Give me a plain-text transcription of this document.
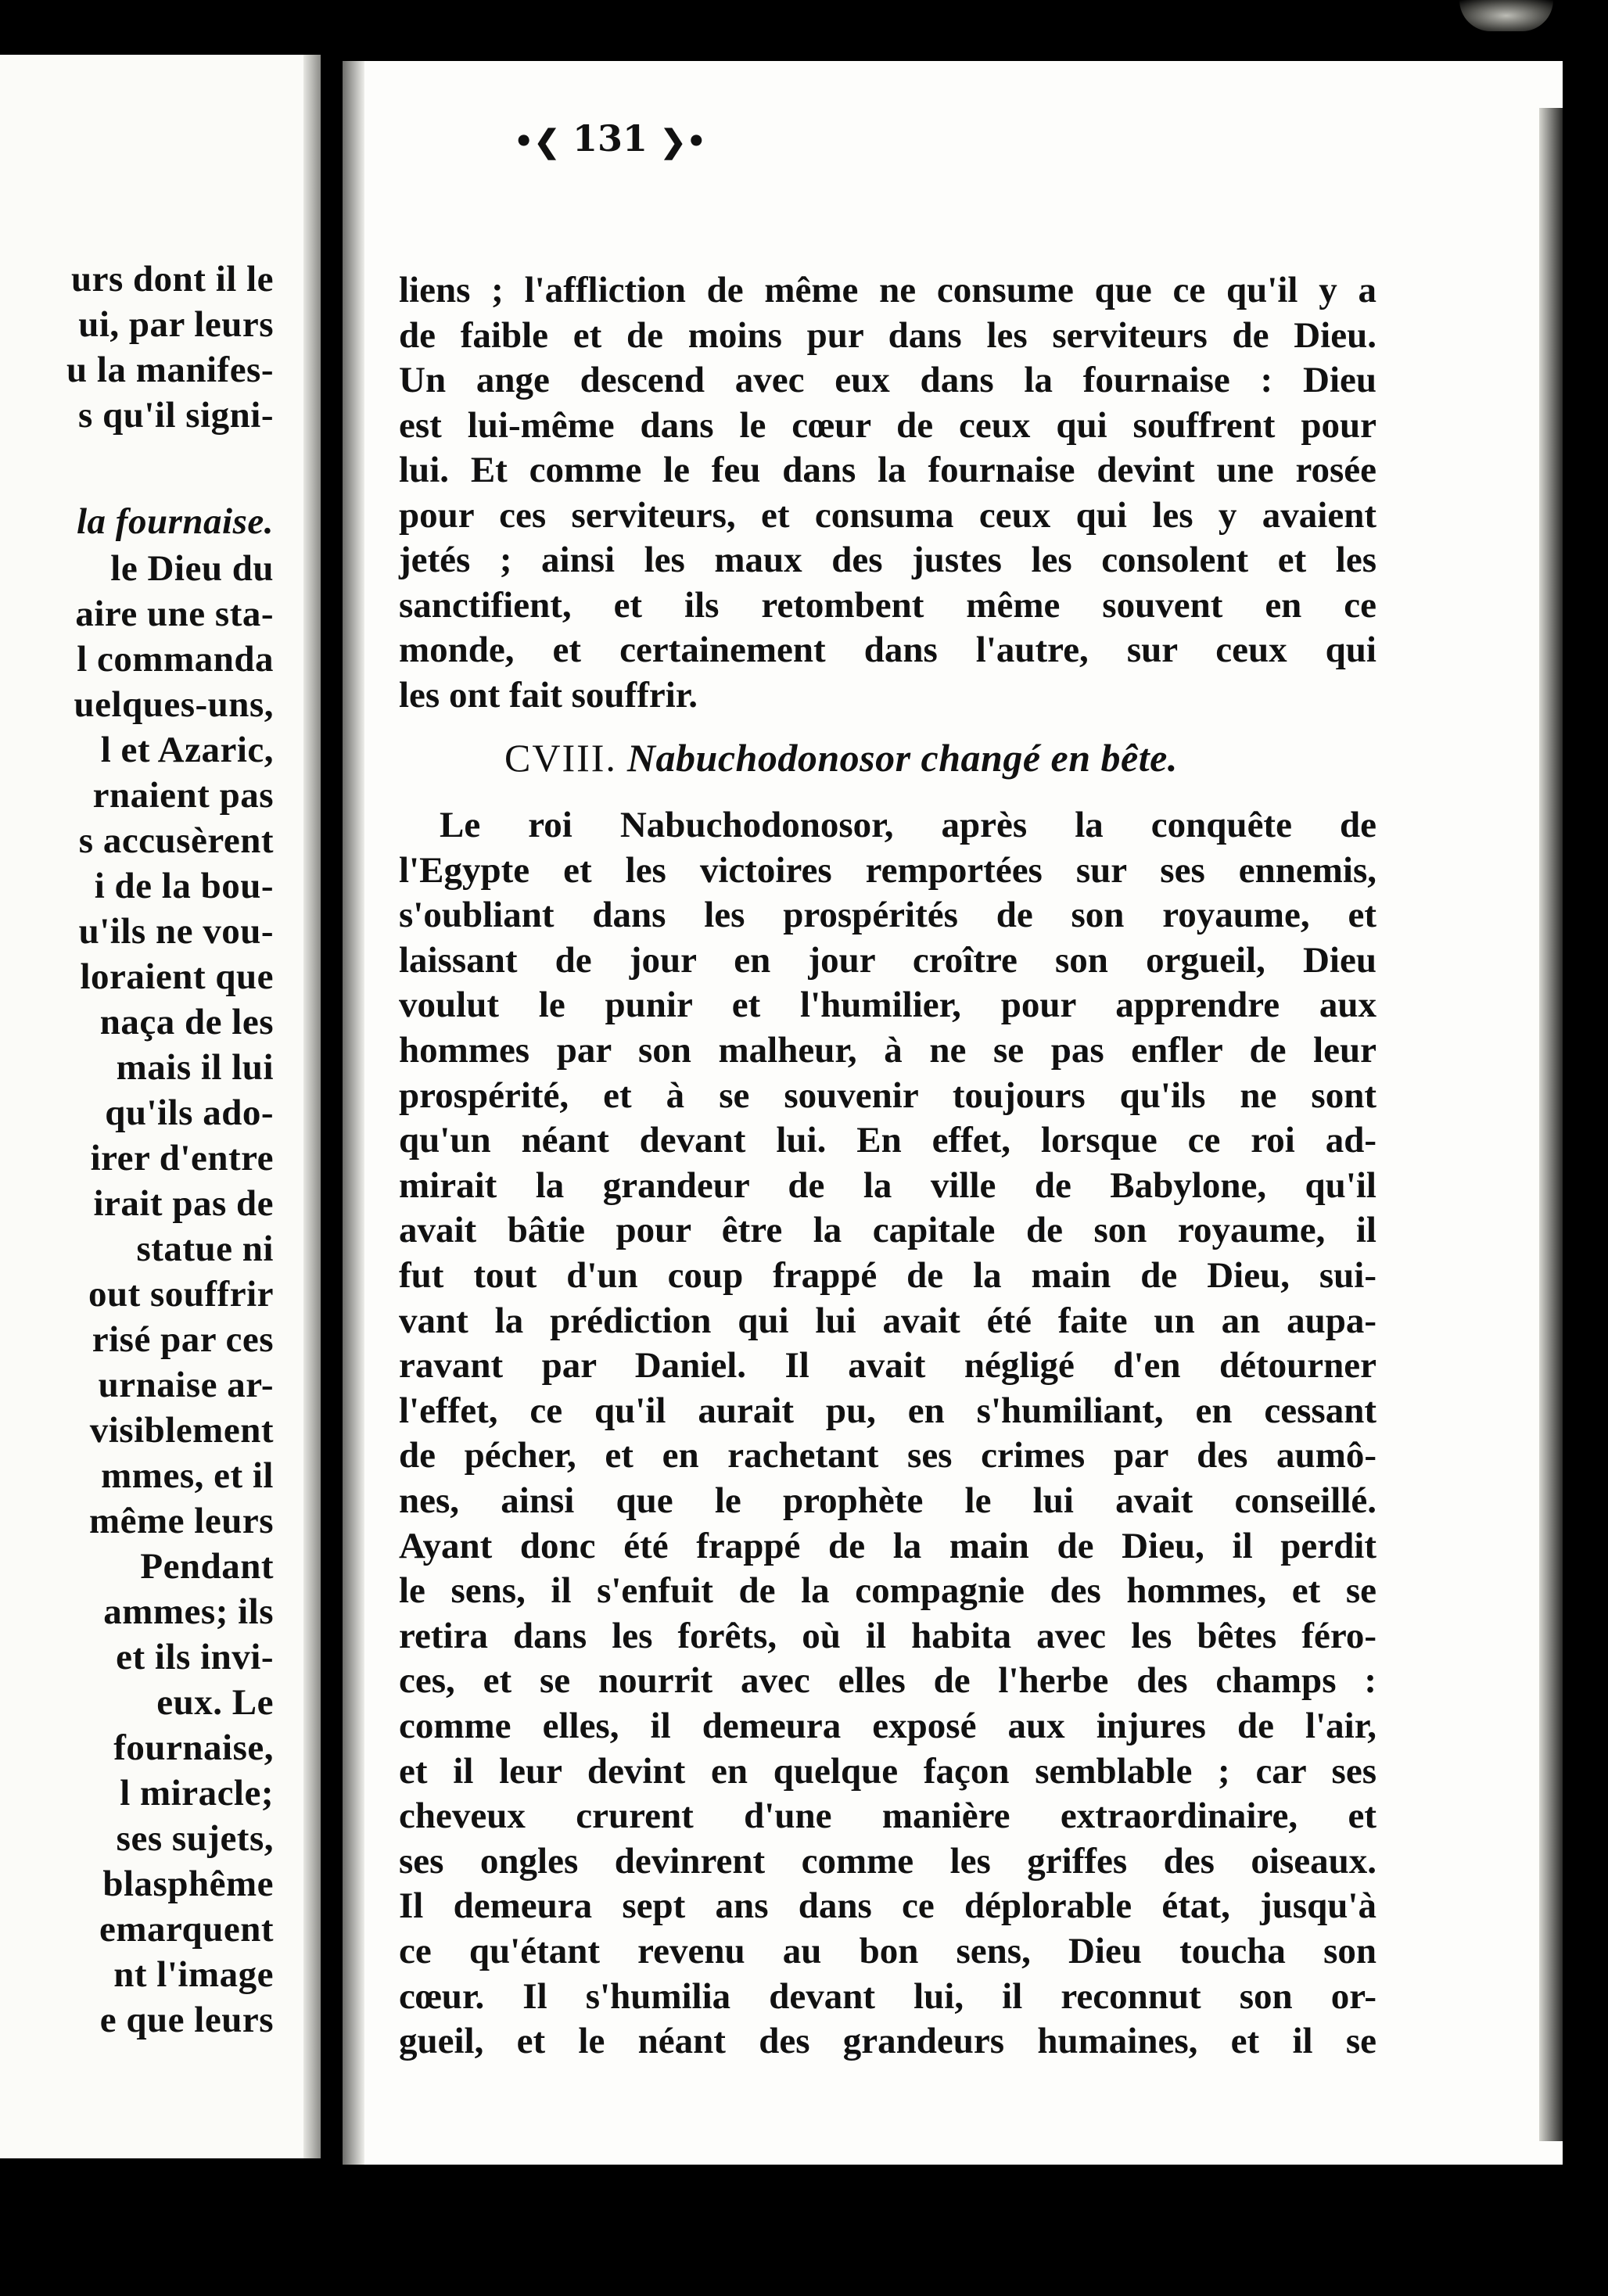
urs dont il le
ui, par leurs
u la manifes-
s qu'il signi-
la fournaise.
le Dieu du
aire une sta-
l commanda
uelques-uns,
l et Azaric,
rnaient pas
s accusèrent
i de la bou-
u'ils ne vou-
loraient que
naça de les
mais il lui
qu'ils ado-
irer d'entre
irait pas de
statue ni
out souffrir
risé par ces
urnaise ar-
visiblement
mmes, et il
même leurs
Pendant
ammes; ils
et ils invi-
eux. Le
fournaise,
l miracle;
ses sujets,
blasphême
emarquent
nt l'image
e que leurs
•❮ 131 ❯•
liens ; l'affliction de même ne consume que ce qu'il y a
de faible et de moins pur dans les serviteurs de Dieu.
Un ange descend avec eux dans la fournaise : Dieu
est lui-même dans le cœur de ceux qui souffrent pour
lui. Et comme le feu dans la fournaise devint une rosée
pour ces serviteurs, et consuma ceux qui les y avaient
jetés ; ainsi les maux des justes les consolent et les
sanctifient, et ils retombent même souvent en ce
monde, et certainement dans l'autre, sur ceux qui
les ont fait souffrir.
CVIII. Nabuchodonosor changé en bête.
Le roi Nabuchodonosor, après la conquête de
l'Egypte et les victoires remportées sur ses ennemis,
s'oubliant dans les prospérités de son royaume, et
laissant de jour en jour croître son orgueil, Dieu
voulut le punir et l'humilier, pour apprendre aux
hommes par son malheur, à ne se pas enfler de leur
prospérité, et à se souvenir toujours qu'ils ne sont
qu'un néant devant lui. En effet, lorsque ce roi ad-
mirait la grandeur de la ville de Babylone, qu'il
avait bâtie pour être la capitale de son royaume, il
fut tout d'un coup frappé de la main de Dieu, sui-
vant la prédiction qui lui avait été faite un an aupa-
ravant par Daniel. Il avait négligé d'en détourner
l'effet, ce qu'il aurait pu, en s'humiliant, en cessant
de pécher, et en rachetant ses crimes par des aumô-
nes, ainsi que le prophète le lui avait conseillé.
Ayant donc été frappé de la main de Dieu, il perdit
le sens, il s'enfuit de la compagnie des hommes, et se
retira dans les forêts, où il habita avec les bêtes féro-
ces, et se nourrit avec elles de l'herbe des champs :
comme elles, il demeura exposé aux injures de l'air,
et il leur devint en quelque façon semblable ; car ses
cheveux crurent d'une manière extraordinaire, et
ses ongles devinrent comme les griffes des oiseaux.
Il demeura sept ans dans ce déplorable état, jusqu'à
ce qu'étant revenu au bon sens, Dieu toucha son
cœur. Il s'humilia devant lui, il reconnut son or-
gueil, et le néant des grandeurs humaines, et il se
